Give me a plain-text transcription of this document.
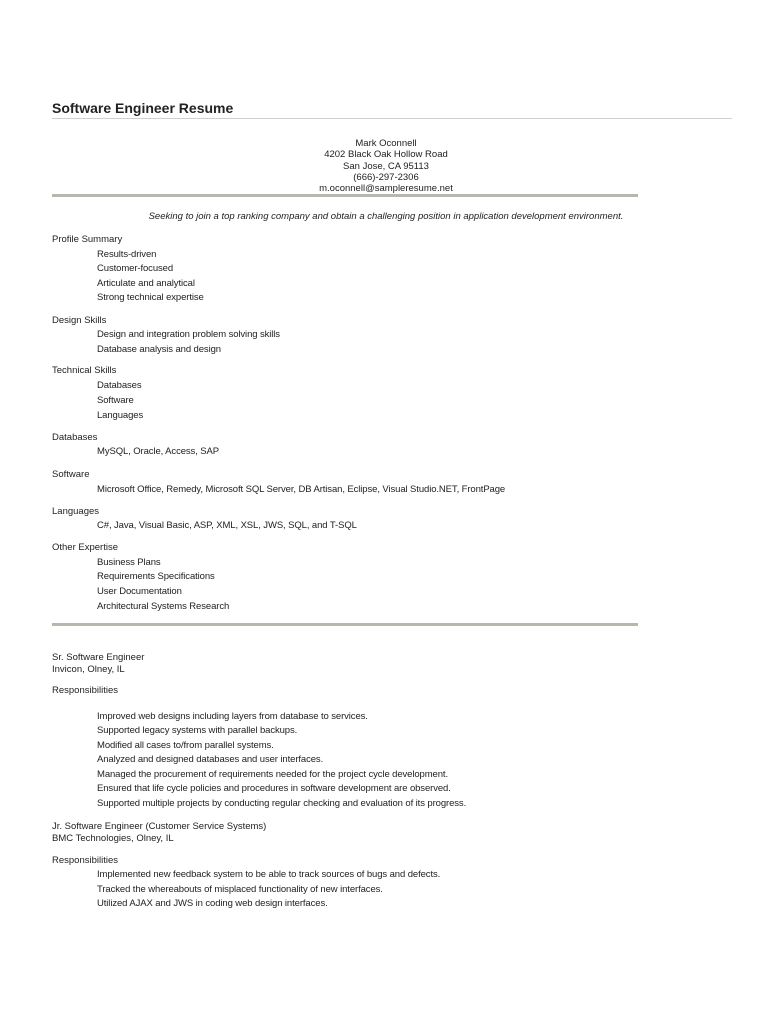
Software Engineer Resume
Mark Oconnell
4202 Black Oak Hollow Road
San Jose, CA 95113
(666)-297-2306
m.oconnell@sampleresume.net
Seeking to join a top ranking company and obtain a challenging position in application development environment.
Profile Summary
Results-driven
Customer-focused
Articulate and analytical
Strong technical expertise
Design Skills
Design and integration problem solving skills
Database analysis and design
Technical Skills
Databases
Software
Languages
Databases
MySQL, Oracle, Access, SAP
Software
Microsoft Office, Remedy, Microsoft SQL Server, DB Artisan, Eclipse, Visual Studio.NET, FrontPage
Languages
C#, Java, Visual Basic, ASP, XML, XSL, JWS, SQL, and T-SQL
Other Expertise
Business Plans
Requirements Specifications
User Documentation
Architectural Systems Research
Sr. Software Engineer
Invicon, Olney, IL
Responsibilities
Improved web designs including layers from database to services.
Supported legacy systems with parallel backups.
Modified all cases to/from parallel systems.
Analyzed and designed databases and user interfaces.
Managed the procurement of requirements needed for the project cycle development.
Ensured that life cycle policies and procedures in software development are observed.
Supported multiple projects by conducting regular checking and evaluation of its progress.
Jr. Software Engineer (Customer Service Systems)
BMC Technologies, Olney, IL
Responsibilities
Implemented new feedback system to be able to track sources of bugs and defects.
Tracked the whereabouts of misplaced functionality of new interfaces.
Utilized AJAX and JWS in coding web design interfaces.
